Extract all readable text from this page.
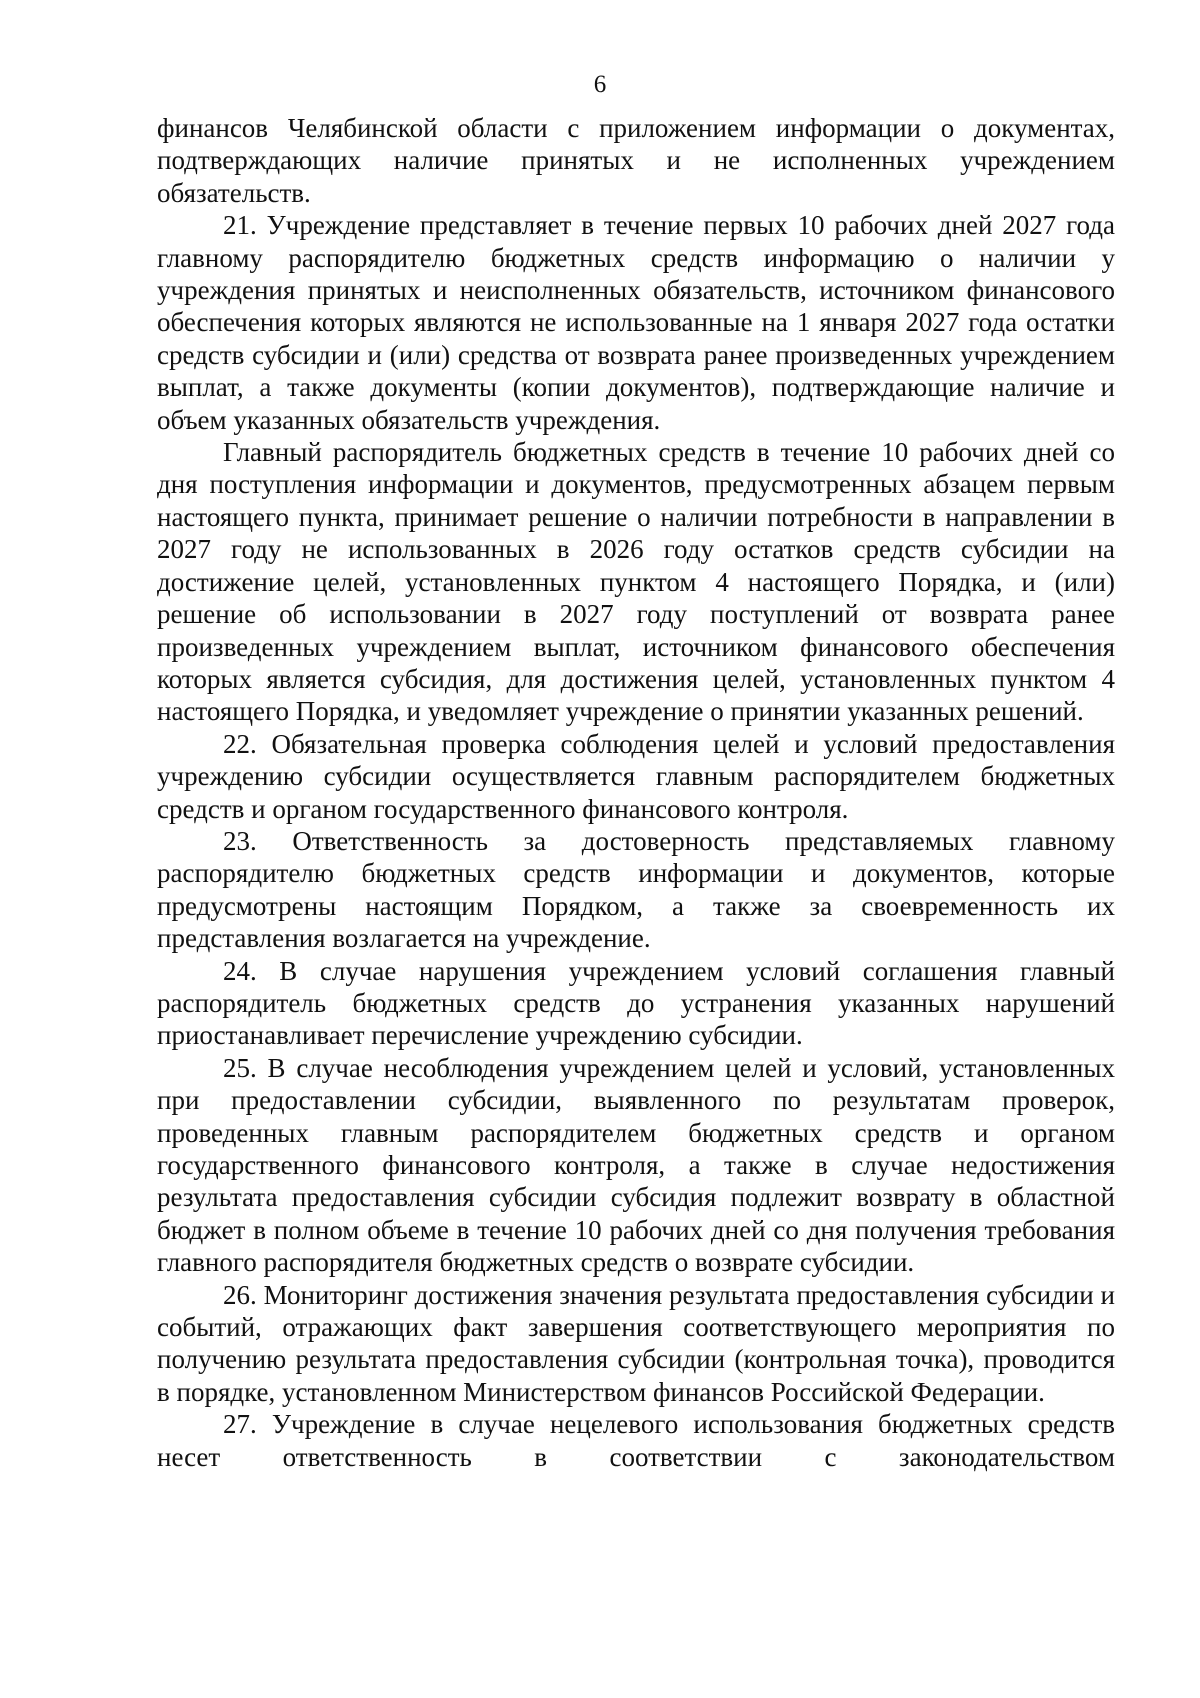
6

финансов Челябинской области с приложением информации о документах, подтверждающих наличие принятых и не исполненных учреждением обязательств.

21. Учреждение представляет в течение первых 10 рабочих дней 2027 года главному распорядителю бюджетных средств информацию о наличии у учреждения принятых и неисполненных обязательств, источником финансового обеспечения которых являются не использованные на 1 января 2027 года остатки средств субсидии и (или) средства от возврата ранее произведенных учреждением выплат, а также документы (копии документов), подтверждающие наличие и объем указанных обязательств учреждения.

Главный распорядитель бюджетных средств в течение 10 рабочих дней со дня поступления информации и документов, предусмотренных абзацем первым настоящего пункта, принимает решение о наличии потребности в направлении в 2027 году не использованных в 2026 году остатков средств субсидии на достижение целей, установленных пунктом 4 настоящего Порядка, и (или) решение об использовании в 2027 году поступлений от возврата ранее произведенных учреждением выплат, источником финансового обеспечения которых является субсидия, для достижения целей, установленных пунктом 4 настоящего Порядка, и уведомляет учреждение о принятии указанных решений.

22. Обязательная проверка соблюдения целей и условий предоставления учреждению субсидии осуществляется главным распорядителем бюджетных средств и органом государственного финансового контроля.

23. Ответственность за достоверность представляемых главному распорядителю бюджетных средств информации и документов, которые предусмотрены настоящим Порядком, а также за своевременность их представления возлагается на учреждение.

24. В случае нарушения учреждением условий соглашения главный распорядитель бюджетных средств до устранения указанных нарушений приостанавливает перечисление учреждению субсидии.

25. В случае несоблюдения учреждением целей и условий, установленных при предоставлении субсидии, выявленного по результатам проверок, проведенных главным распорядителем бюджетных средств и органом государственного финансового контроля, а также в случае недостижения результата предоставления субсидии субсидия подлежит возврату в областной бюджет в полном объеме в течение 10 рабочих дней со дня получения требования главного распорядителя бюджетных средств о возврате субсидии.

26. Мониторинг достижения значения результата предоставления субсидии и событий, отражающих факт завершения соответствующего мероприятия по получению результата предоставления субсидии (контрольная точка), проводится в порядке, установленном Министерством финансов Российской Федерации.

27. Учреждение в случае нецелевого использования бюджетных средств несет ответственность в соответствии с законодательством
